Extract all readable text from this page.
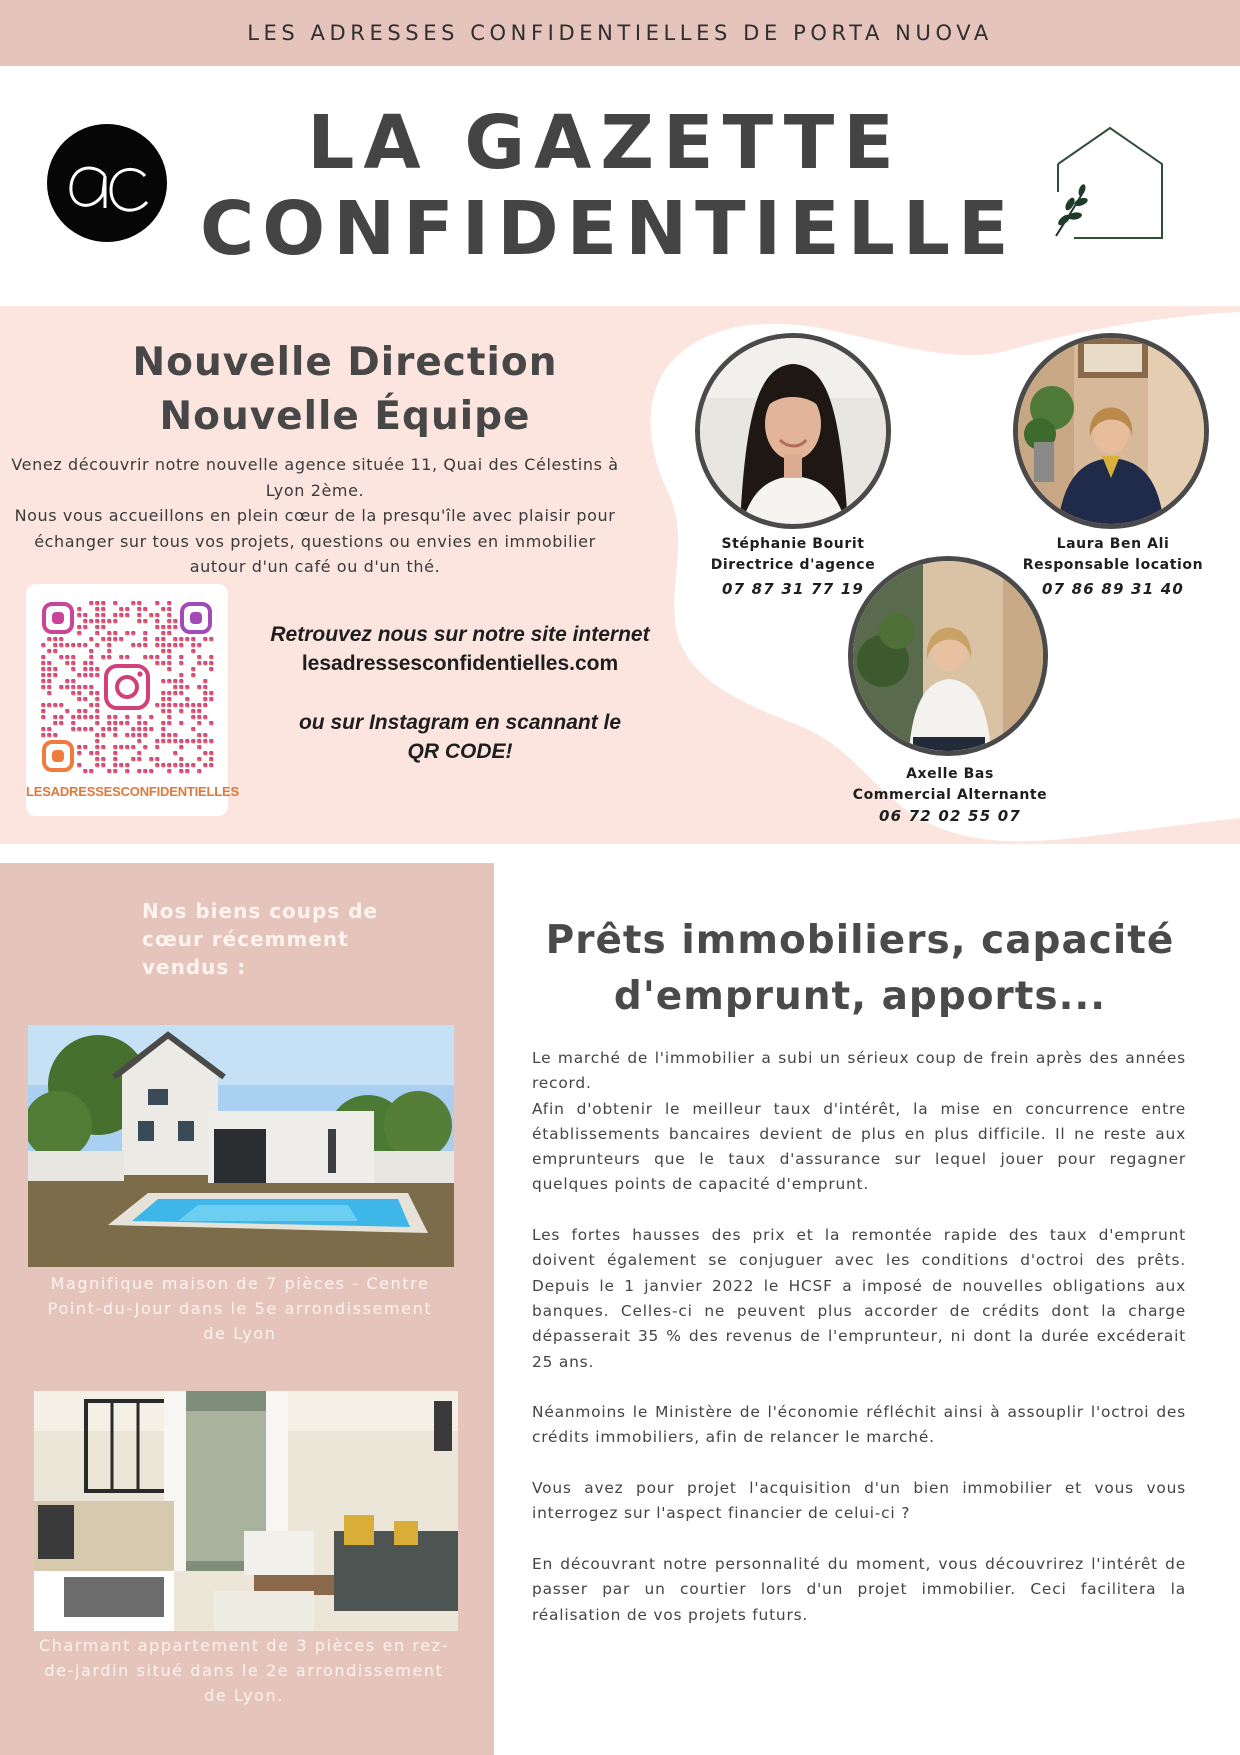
LES ADRESSES CONFIDENTIELLES DE PORTA NUOVA
LA GAZETTE
CONFIDENTIELLE
Nouvelle Direction
Nouvelle Équipe
Venez découvrir notre nouvelle agence située 11, Quai des Célestins à Lyon 2ème.
Nous vous accueillons en plein cœur de la presqu'île avec plaisir pour échanger sur tous vos projets, questions ou envies en immobilier autour d'un café ou d'un thé.
LESADRESSESCONFIDENTIELLES
Retrouvez nous sur notre site internet
lesadressesconfidentielles.com
ou sur Instagram en scannant le
QR CODE!
Stéphanie Bourit
Directrice d'agence
07 87 31 77 19
Laura Ben Ali
Responsable location
07 86 89 31 40
Axelle Bas
Commercial Alternante
06 72 02 55 07
Nos biens coups de cœur récemment vendus :
Magnifique maison de 7 pièces - Centre Point-du-Jour dans le 5e arrondissement de Lyon
Charmant appartement de 3 pièces en rez-de-jardin situé dans le 2e arrondissement de Lyon.
Prêts immobiliers, capacité
d'emprunt, apports...

Le marché de l'immobilier a subi un sérieux coup de frein après des années record.
Afin d'obtenir le meilleur taux d'intérêt, la mise en concurrence entre établissements bancaires devient de plus en plus difficile. Il ne reste aux emprunteurs que le taux d'assurance sur lequel jouer pour regagner quelques points de capacité d'emprunt.

Les fortes hausses des prix et la remontée rapide des taux d'emprunt doivent également se conjuguer avec les conditions d'octroi des prêts. Depuis le 1 janvier 2022 le HCSF a imposé de nouvelles obligations aux banques. Celles-ci ne peuvent plus accorder de crédits dont la charge dépasserait 35 % des revenus de l'emprunteur, ni dont la durée excéderait 25 ans.

Néanmoins le Ministère de l'économie réfléchit ainsi à assouplir l'octroi des crédits immobiliers, afin de relancer le marché.

Vous avez pour projet l'acquisition d'un bien immobilier et vous vous interrogez sur l'aspect financier de celui-ci ?

En découvrant notre personnalité du moment, vous découvrirez l'intérêt de passer par un courtier lors d'un projet immobilier. Ceci facilitera la réalisation de vos projets futurs.
